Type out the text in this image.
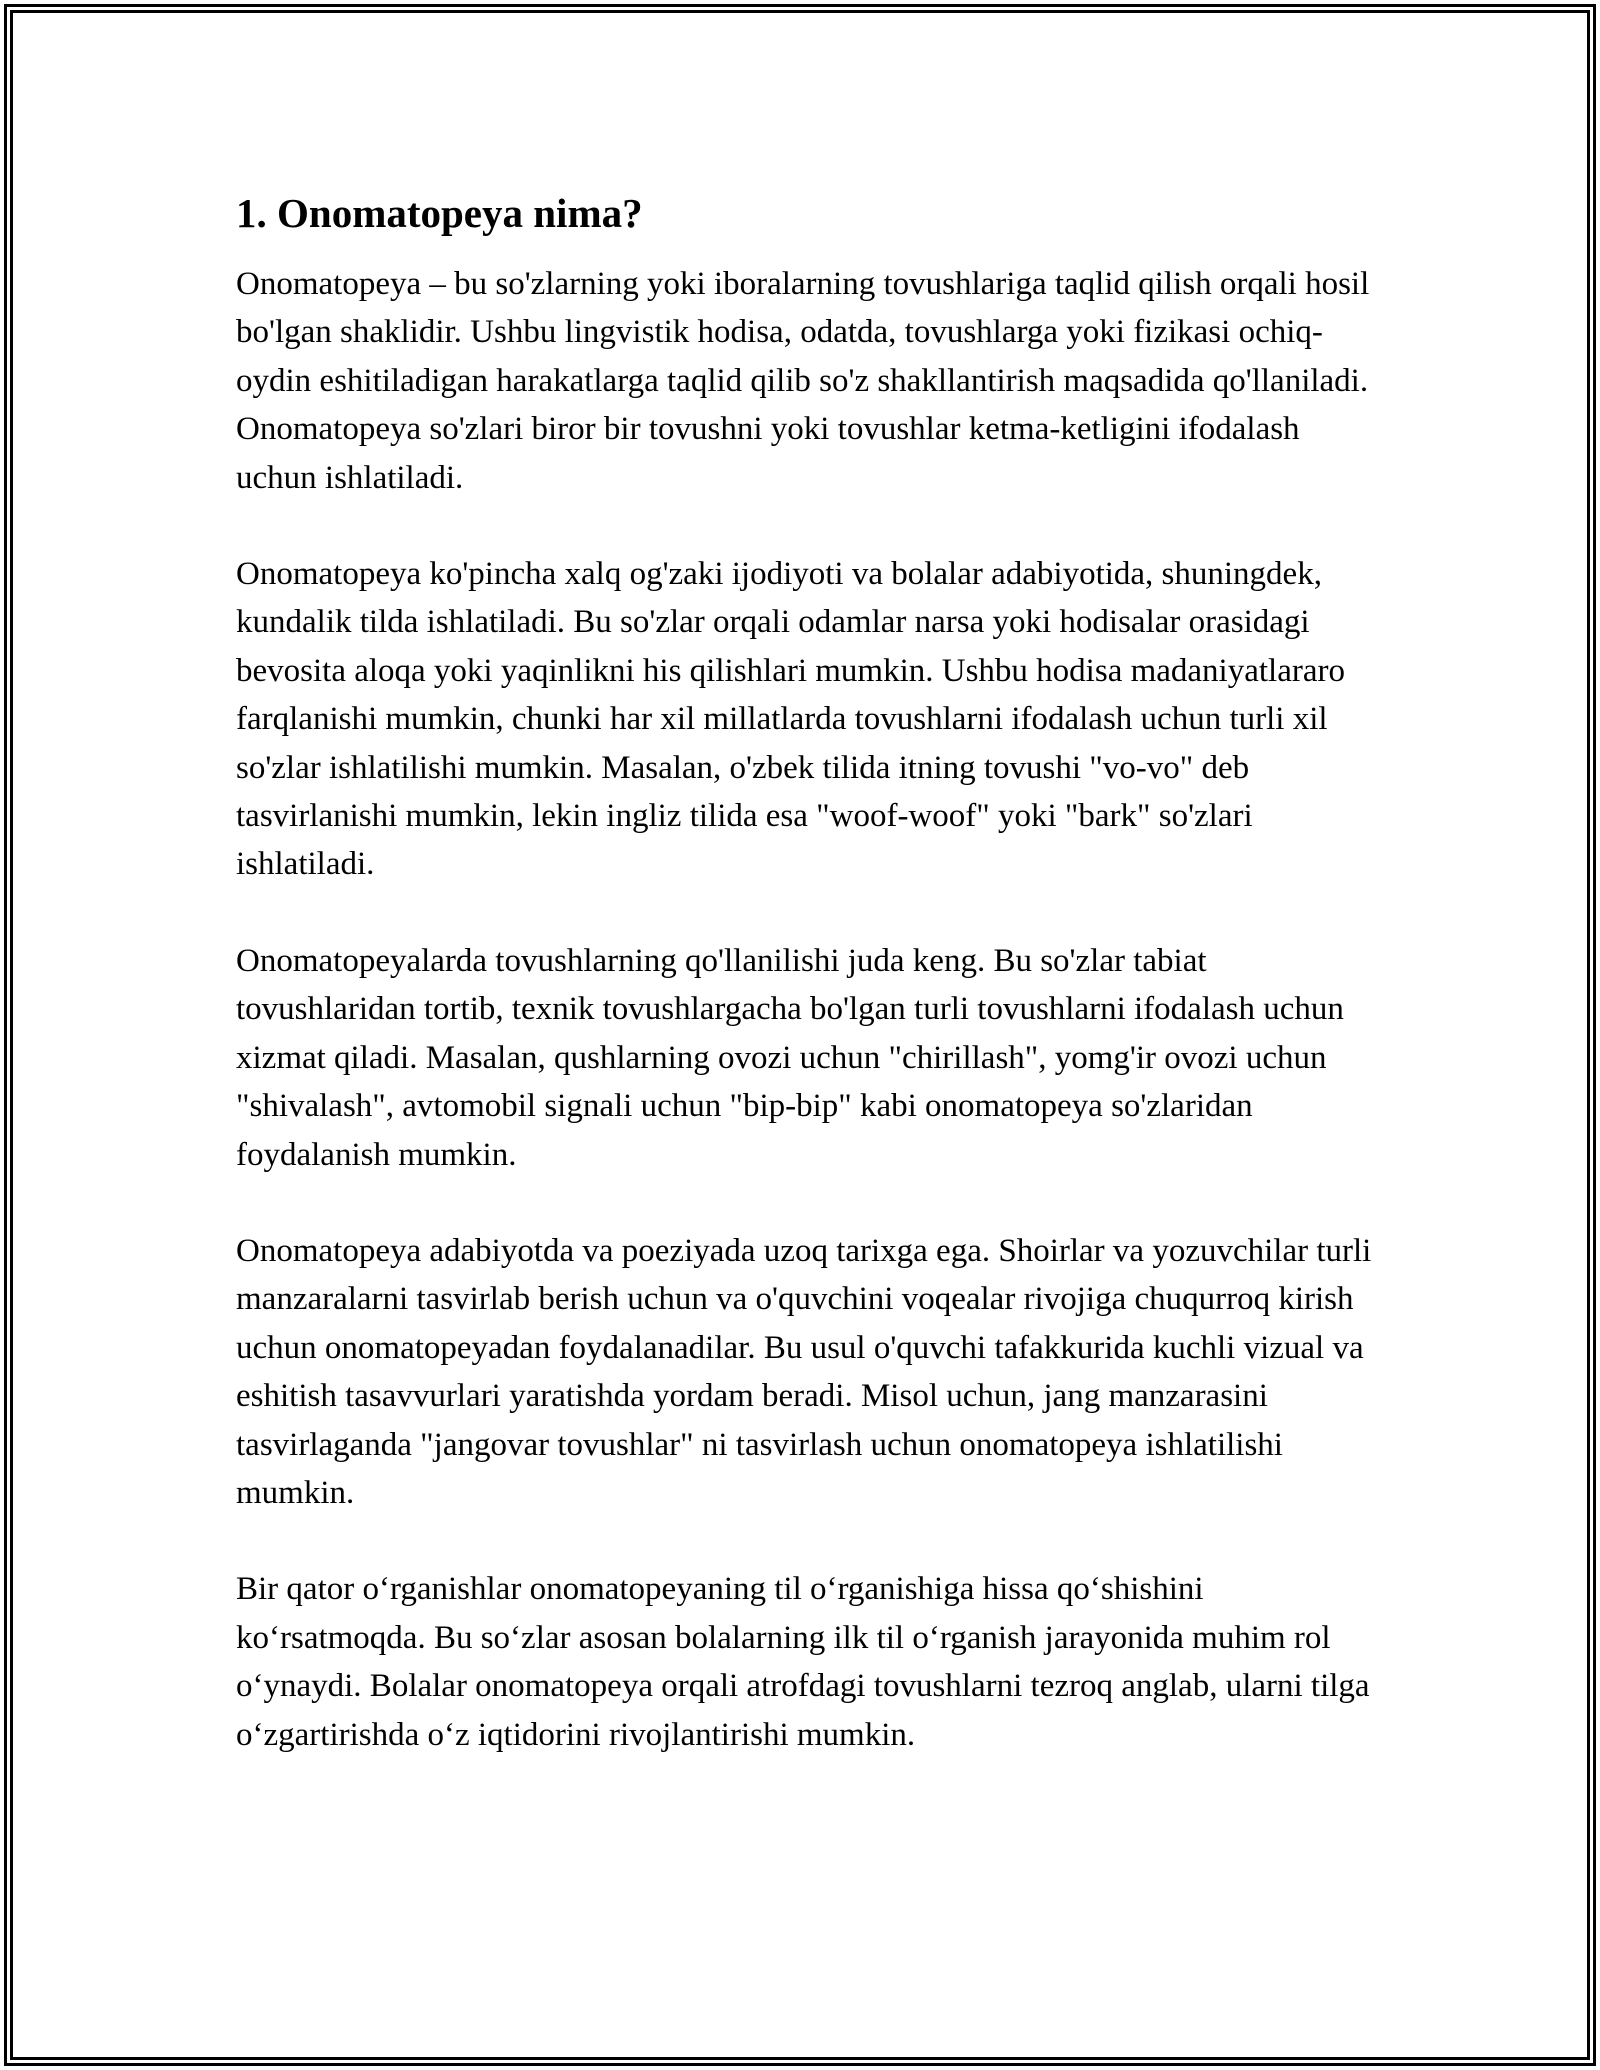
1. Onomatopeya nima?

Onomatopeya – bu so'zlarning yoki iboralarning tovushlariga taqlid qilish orqali hosil bo'lgan shaklidir. Ushbu lingvistik hodisa, odatda, tovushlarga yoki fizikasi ochiq-oydin eshitiladigan harakatlarga taqlid qilib so'z shakllantirish maqsadida qo'llaniladi. Onomatopeya so'zlari biror bir tovushni yoki tovushlar ketma-ketligini ifodalash uchun ishlatiladi.

Onomatopeya ko'pincha xalq og'zaki ijodiyoti va bolalar adabiyotida, shuningdek, kundalik tilda ishlatiladi. Bu so'zlar orqali odamlar narsa yoki hodisalar orasidagi bevosita aloqa yoki yaqinlikni his qilishlari mumkin. Ushbu hodisa madaniyatlararo farqlanishi mumkin, chunki har xil millatlarda tovushlarni ifodalash uchun turli xil so'zlar ishlatilishi mumkin. Masalan, o'zbek tilida itning tovushi "vo-vo" deb tasvirlanishi mumkin, lekin ingliz tilida esa "woof-woof" yoki "bark" so'zlari ishlatiladi.

Onomatopeyalarda tovushlarning qo'llanilishi juda keng. Bu so'zlar tabiat tovushlaridan tortib, texnik tovushlargacha bo'lgan turli tovushlarni ifodalash uchun xizmat qiladi. Masalan, qushlarning ovozi uchun "chirillash", yomg'ir ovozi uchun "shivalash", avtomobil signali uchun "bip-bip" kabi onomatopeya so'zlaridan foydalanish mumkin.

Onomatopeya adabiyotda va poeziyada uzoq tarixga ega. Shoirlar va yozuvchilar turli manzaralarni tasvirlab berish uchun va o'quvchini voqealar rivojiga chuqurroq kirish uchun onomatopeyadan foydalanadilar. Bu usul o'quvchi tafakkurida kuchli vizual va eshitish tasavvurlari yaratishda yordam beradi. Misol uchun, jang manzarasini tasvirlaganda "jangovar tovushlar" ni tasvirlash uchun onomatopeya ishlatilishi mumkin.

Bir qator o‘rganishlar onomatopeyaning til o‘rganishiga hissa qo‘shishini ko‘rsatmoqda. Bu so‘zlar asosan bolalarning ilk til o‘rganish jarayonida muhim rol o‘ynaydi. Bolalar onomatopeya orqali atrofdagi tovushlarni tezroq anglab, ularni tilga o‘zgartirishda o‘z iqtidorini rivojlantirishi mumkin.
